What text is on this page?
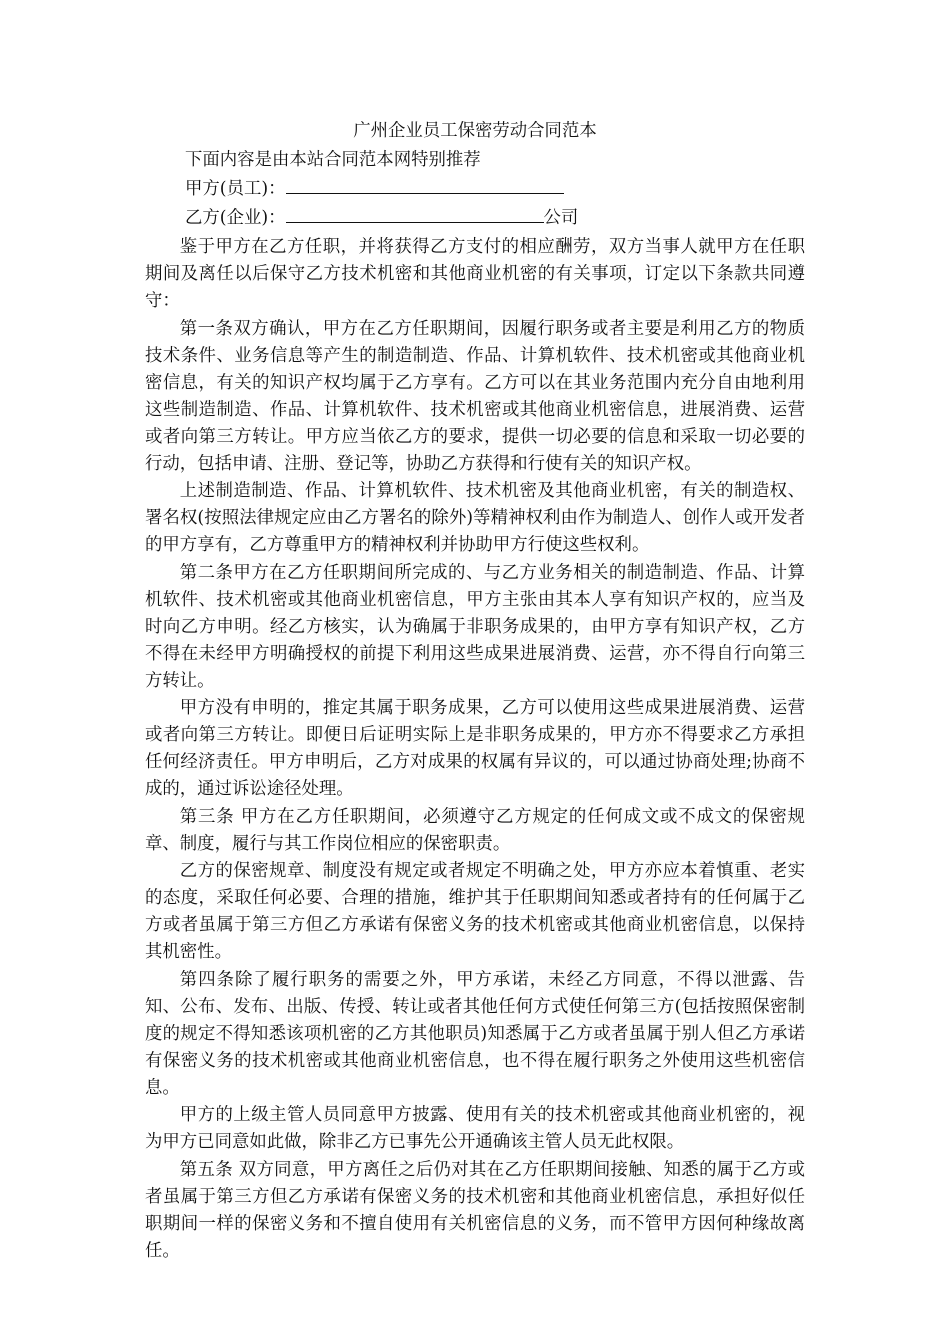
广州企业员工保密劳动合同范本
下面内容是由本站合同范本网特别推荐
甲方(员工)：
乙方(企业)：	公司

鉴于甲方在乙方任职，并将获得乙方支付的相应酬劳，双方当事人就甲方在任职期间及离任以后保守乙方技术机密和其他商业机密的有关事项，订定以下条款共同遵守：

第一条双方确认，甲方在乙方任职期间，因履行职务或者主要是利用乙方的物质技术条件、业务信息等产生的制造制造、作品、计算机软件、技术机密或其他商业机密信息，有关的知识产权均属于乙方享有。乙方可以在其业务范围内充分自由地利用这些制造制造、作品、计算机软件、技术机密或其他商业机密信息，进展消费、运营或者向第三方转让。甲方应当依乙方的要求，提供一切必要的信息和采取一切必要的行动，包括申请、注册、登记等，协助乙方获得和行使有关的知识产权。

上述制造制造、作品、计算机软件、技术机密及其他商业机密，有关的制造权、署名权(按照法律规定应由乙方署名的除外)等精神权利由作为制造人、创作人或开发者的甲方享有，乙方尊重甲方的精神权利并协助甲方行使这些权利。

第二条甲方在乙方任职期间所完成的、与乙方业务相关的制造制造、作品、计算机软件、技术机密或其他商业机密信息，甲方主张由其本人享有知识产权的，应当及时向乙方申明。经乙方核实，认为确属于非职务成果的，由甲方享有知识产权，乙方不得在未经甲方明确授权的前提下利用这些成果进展消费、运营，亦不得自行向第三方转让。

甲方没有申明的，推定其属于职务成果，乙方可以使用这些成果进展消费、运营或者向第三方转让。即便日后证明实际上是非职务成果的，甲方亦不得要求乙方承担任何经济责任。甲方申明后，乙方对成果的权属有异议的，可以通过协商处理;协商不成的，通过诉讼途径处理。

第三条 甲方在乙方任职期间，必须遵守乙方规定的任何成文或不成文的保密规章、制度，履行与其工作岗位相应的保密职责。

乙方的保密规章、制度没有规定或者规定不明确之处，甲方亦应本着慎重、老实的态度，采取任何必要、合理的措施，维护其于任职期间知悉或者持有的任何属于乙方或者虽属于第三方但乙方承诺有保密义务的技术机密或其他商业机密信息，以保持其机密性。

第四条除了履行职务的需要之外，甲方承诺，未经乙方同意，不得以泄露、告知、公布、发布、出版、传授、转让或者其他任何方式使任何第三方(包括按照保密制度的规定不得知悉该项机密的乙方其他职员)知悉属于乙方或者虽属于别人但乙方承诺有保密义务的技术机密或其他商业机密信息，也不得在履行职务之外使用这些机密信息。

甲方的上级主管人员同意甲方披露、使用有关的技术机密或其他商业机密的，视为甲方已同意如此做，除非乙方已事先公开通确该主管人员无此权限。

第五条 双方同意，甲方离任之后仍对其在乙方任职期间接触、知悉的属于乙方或者虽属于第三方但乙方承诺有保密义务的技术机密和其他商业机密信息，承担好似任职期间一样的保密义务和不擅自使用有关机密信息的义务，而不管甲方因何种缘故离任。
